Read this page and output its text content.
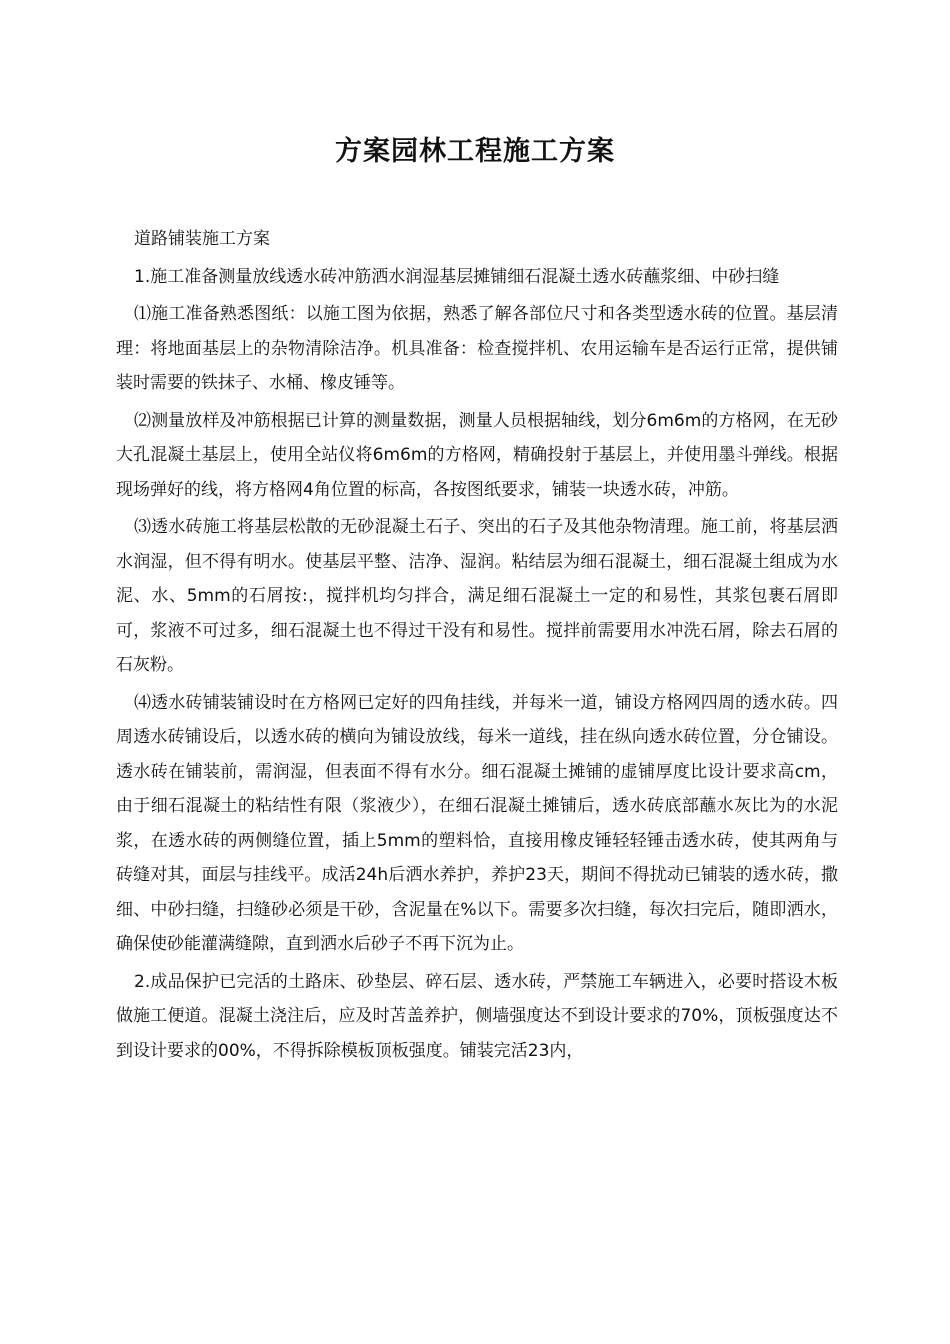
方案园林工程施工方案

道路铺装施工方案

1.施工准备测量放线透水砖冲筋洒水润湿基层摊铺细石混凝土透水砖蘸浆细、中砂扫缝

⑴施工准备熟悉图纸：以施工图为依据，熟悉了解各部位尺寸和各类型透水砖的位置。基层清理：将地面基层上的杂物清除洁净。机具准备：检查搅拌机、农用运输车是否运行正常，提供铺装时需要的铁抹子、水桶、橡皮锤等。

⑵测量放样及冲筋根据已计算的测量数据，测量人员根据轴线，划分6m6m的方格网，在无砂大孔混凝土基层上，使用全站仪将6m6m的方格网，精确投射于基层上，并使用墨斗弹线。根据现场弹好的线，将方格网4角位置的标高，各按图纸要求，铺装一块透水砖，冲筋。

⑶透水砖施工将基层松散的无砂混凝土石子、突出的石子及其他杂物清理。施工前，将基层洒水润湿，但不得有明水。使基层平整、洁净、湿润。粘结层为细石混凝土，细石混凝土组成为水泥、水、5mm的石屑按:，搅拌机均匀拌合，满足细石混凝土一定的和易性，其浆包裹石屑即可，浆液不可过多，细石混凝土也不得过干没有和易性。搅拌前需要用水冲洗石屑，除去石屑的石灰粉。

⑷透水砖铺装铺设时在方格网已定好的四角挂线，并每米一道，铺设方格网四周的透水砖。四周透水砖铺设后，以透水砖的横向为铺设放线，每米一道线，挂在纵向透水砖位置，分仓铺设。透水砖在铺装前，需润湿，但表面不得有水分。细石混凝土摊铺的虚铺厚度比设计要求高cm，由于细石混凝土的粘结性有限（浆液少），在细石混凝土摊铺后，透水砖底部蘸水灰比为的水泥浆，在透水砖的两侧缝位置，插上5mm的塑料恰，直接用橡皮锤轻轻锤击透水砖，使其两角与砖缝对其，面层与挂线平。成活24h后洒水养护，养护23天，期间不得扰动已铺装的透水砖，撒细、中砂扫缝，扫缝砂必须是干砂，含泥量在%以下。需要多次扫缝，每次扫完后，随即洒水，确保使砂能灌满缝隙，直到洒水后砂子不再下沉为止。

2.成品保护已完活的土路床、砂垫层、碎石层、透水砖，严禁施工车辆进入，必要时搭设木板做施工便道。混凝土浇注后，应及时苫盖养护，侧墙强度达不到设计要求的70%，顶板强度达不到设计要求的00%，不得拆除模板顶板强度。铺装完活23内，
